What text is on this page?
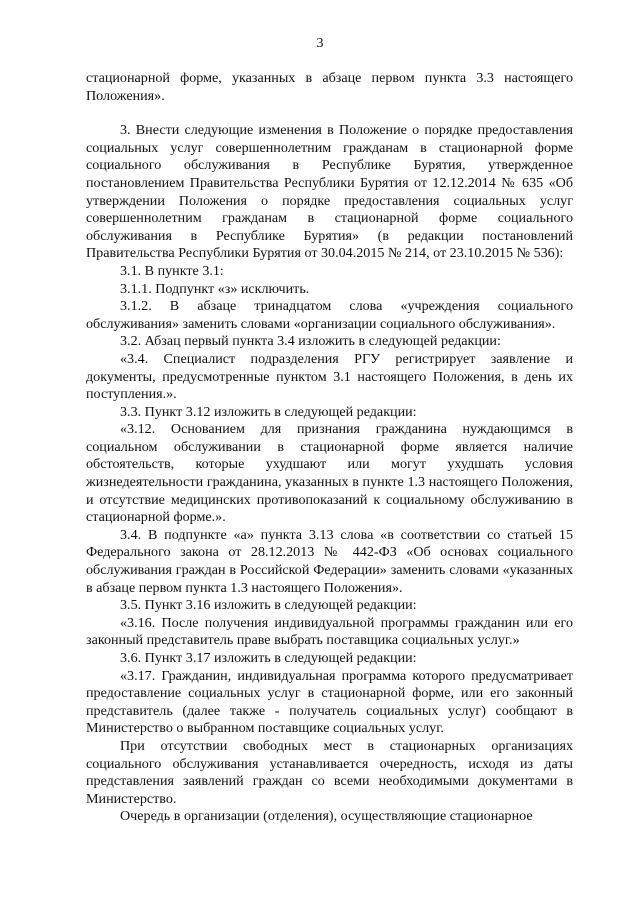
3

стационарной форме, указанных в абзаце первом пункта 3.3 настоящего Положения».

3. Внести следующие изменения в Положение о порядке предоставления социальных услуг совершеннолетним гражданам в стационарной форме социального обслуживания в Республике Бурятия, утвержденное постановлением Правительства Республики Бурятия от 12.12.2014 № 635 «Об утверждении Положения о порядке предоставления социальных услуг совершеннолетним гражданам в стационарной форме социального обслуживания в Республике Бурятия» (в редакции постановлений Правительства Республики Бурятия от 30.04.2015 № 214, от 23.10.2015 № 536):

3.1. В пункте 3.1:

3.1.1. Подпункт «з» исключить.

3.1.2. В абзаце тринадцатом слова «учреждения социального обслуживания» заменить словами «организации социального обслуживания».

3.2. Абзац первый пункта 3.4 изложить в следующей редакции:

«3.4. Специалист подразделения РГУ регистрирует заявление и документы, предусмотренные пунктом 3.1 настоящего Положения, в день их поступления.».

3.3. Пункт 3.12 изложить в следующей редакции:

«3.12. Основанием для признания гражданина нуждающимся в социальном обслуживании в стационарной форме является наличие обстоятельств, которые ухудшают или могут ухудшать условия жизнедеятельности гражданина, указанных в пункте 1.3 настоящего Положения, и отсутствие медицинских противопоказаний к социальному обслуживанию в стационарной форме.».

3.4. В подпункте «а» пункта 3.13 слова «в соответствии со статьей 15 Федерального закона от 28.12.2013 № 442-ФЗ «Об основах социального обслуживания граждан в Российской Федерации» заменить словами «указанных в абзаце первом пункта 1.3 настоящего Положения».

3.5. Пункт 3.16 изложить в следующей редакции:

«3.16. После получения индивидуальной программы гражданин или его законный представитель праве выбрать поставщика социальных услуг.»

3.6. Пункт 3.17 изложить в следующей редакции:

«3.17. Гражданин, индивидуальная программа которого предусматривает предоставление социальных услуг в стационарной форме, или его законный представитель (далее также - получатель социальных услуг) сообщают в Министерство о выбранном поставщике социальных услуг.

При отсутствии свободных мест в стационарных организациях социального обслуживания устанавливается очередность, исходя из даты представления заявлений граждан со всеми необходимыми документами в Министерство.

Очередь в организации (отделения), осуществляющие стационарное
